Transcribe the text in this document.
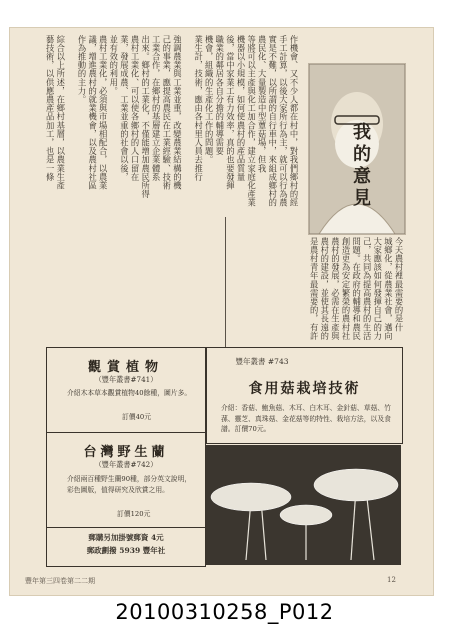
我的意見
作機會、又不少人都在村中，對我們鄉村的經
手工計算，以後大家所行為主，就可以行為農
實是不難，以所謂的自行車中，來組成鄉村的
農民化、大量製造中型蕈菇場，但我
等將可以主產與化工加合作，建立家庭化產業
機器以小規模，如何使農村的產品質量
後，當中家業工有力效率，真的也要發揮
職業的鄰居各自分擔的輔導需要
機會，組織的生產化工作的問題。
業生計，技術，應由各村里人員去推行
強調農業與工業並重，改變農業結構的機
己的事業，應提高農民在工業經驗、技術
工業合作，在鄉村的基層建立企業體系
出來。鄉村的工業化，不僅能增加農民所得
農村工業化、可以使各鄉村的人口留在
業，發展成農、工業並重的社會以後，
並有效的利用。
農村工業化，必須與市場相配合，以農業
議，增進農村的就業機會，以及農村社區
作為推動的主力。
綜合以上所述，在鄉村基層，以農業生產
藝技術，以供應農產品加工，也是一條
今天農村裡最需要的是什
城鄉化，從農業社會，邁向
大家應該如何發揮自己的力
己，共同為提高農村的生活
問題。在政府的輔導和農民
創造更為安定繁榮的農村社
農村的發展，必需在生產與
農村的建設，並使其長遠的
是農村青年最需要的，有許
觀賞植物
（豐年叢書#741）
介紹木本草本觀賞植物40餘種，圖片多。
訂價40元
台灣野生蘭
（豐年叢書#742）
介紹兩百種野生蘭90種，部分英文說明，彩色圖版，值得研究及欣賞之用。
訂價120元
郵購另加掛號郵資 4元
郵政劃撥 5939 豐年社
豐年叢書 #743
食用菇栽培技術
介紹：香菇、鮑魚菇、木耳、白木耳、金針菇、草菇、竹蓀、靈芝、真珠菇、金花菇等的特性、栽培方法，以及食譜。訂價70元。
豐年第三四卷第二二期	12
20100310258_P012
